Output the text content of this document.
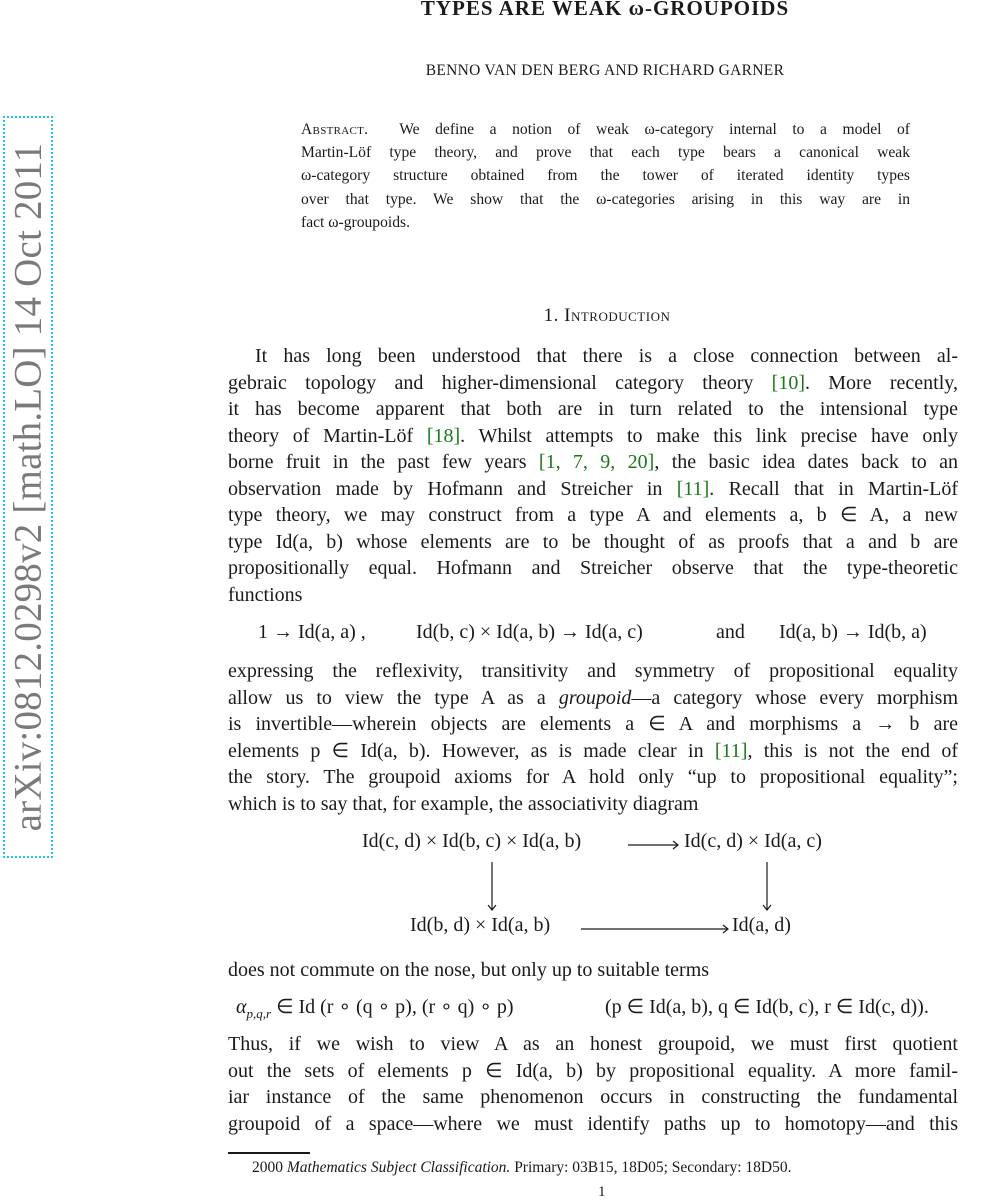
TYPES ARE WEAK ω-GROUPOIDS
BENNO VAN DEN BERG AND RICHARD GARNER
Abstract. We define a notion of weak ω-category internal to a model of
Martin-Löf type theory, and prove that each type bears a canonical weak
ω-category structure obtained from the tower of iterated identity types
over that type. We show that the ω-categories arising in this way are in
fact ω-groupoids.
arXiv:0812.0298v2 [math.LO] 14 Oct 2011	1. Introduction
It has long been understood that there is a close connection between al-
gebraic topology and higher-dimensional category theory [10]. More recently,
it has become apparent that both are in turn related to the intensional type
theory of Martin-Löf [18]. Whilst attempts to make this link precise have only
borne fruit in the past few years [1, 7, 9, 20], the basic idea dates back to an
observation made by Hofmann and Streicher in [11]. Recall that in Martin-Löf
type theory, we may construct from a type A and elements a, b ∈ A, a new
type Id(a, b) whose elements are to be thought of as proofs that a and b are
propositionally equal. Hofmann and Streicher observe that the type-theoretic
functions
1 → Id(a, a) ,	Id(b, c) × Id(a, b) → Id(a, c)	and Id(a, b) → Id(b, a)
expressing the reflexivity, transitivity and symmetry of propositional equality
allow us to view the type A as a groupoid—a category whose every morphism
is invertible—wherein objects are elements a ∈ A and morphisms a → b are
elements p ∈ Id(a, b). However, as is made clear in [11], this is not the end of
the story. The groupoid axioms for A hold only “up to propositional equality”;
which is to say that, for example, the associativity diagram
Id(c, d) × Id(b, c) × Id(a, b)	Id(c, d) × Id(a, c)
Id(b, d) × Id(a, b)	Id(a, d)
does not commute on the nose, but only up to suitable terms
$\alpha_{p,q,r}$ ∈ Id (r ∘ (q ∘ p), (r ∘ q) ∘ p)	(p ∈ Id(a, b), q ∈ Id(b, c), r ∈ Id(c, d)).
Thus, if we wish to view A as an honest groupoid, we must first quotient
out the sets of elements p ∈ Id(a, b) by propositional equality. A more famil-
iar instance of the same phenomenon occurs in constructing the fundamental
groupoid of a space—where we must identify paths up to homotopy—and this
2000 Mathematics Subject Classification. Primary: 03B15, 18D05; Secondary: 18D50.
1
